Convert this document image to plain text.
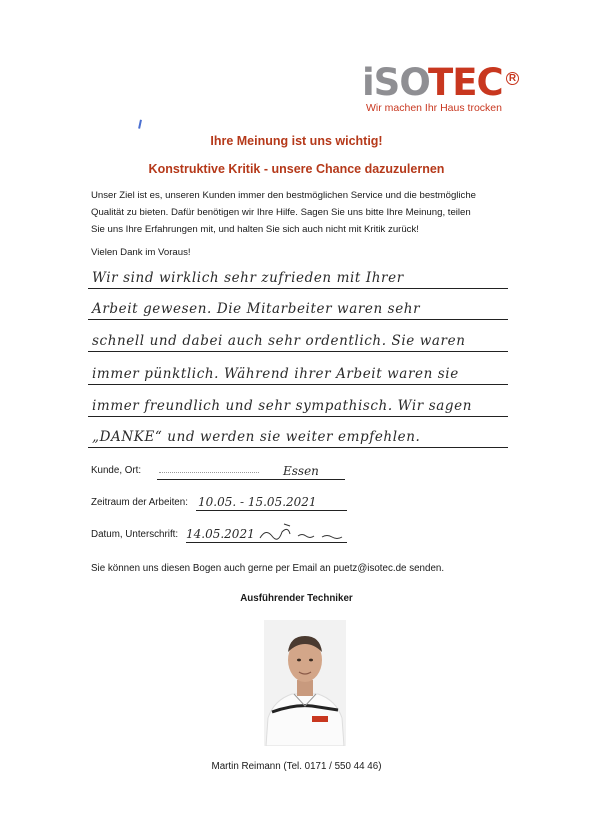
iSO
TEC R
Wir machen Ihr Haus trocken
Ihre Meinung ist uns wichtig!
Konstruktive Kritik - unsere Chance dazuzulernen

Unser Ziel ist es, unseren Kunden immer den bestmöglichen Service und die bestmögliche

Qualität zu bieten. Dafür benötigen wir Ihre Hilfe. Sagen Sie uns bitte Ihre Meinung, teilen

Sie uns Ihre Erfahrungen mit, und halten Sie sich auch nicht mit Kritik zurück!

Vielen Dank im Voraus!
Wir sind wirklich sehr zufrieden mit Ihrer
Arbeit gewesen. Die Mitarbeiter waren sehr
schnell und dabei auch sehr ordentlich. Sie waren
immer pünktlich. Während ihrer Arbeit waren sie
immer freundlich und sehr sympathisch. Wir sagen
„DANKE“ und werden sie weiter empfehlen.
Kunde, Ort:	Essen
Zeitraum der Arbeiten: 10.05. - 15.05.2021
Datum, Unterschrift: 14.05.2021
Sie können uns diesen Bogen auch gerne per Email an puetz@isotec.de senden.
Ausführender Techniker
Martin Reimann (Tel. 0171 / 550 44 46)
